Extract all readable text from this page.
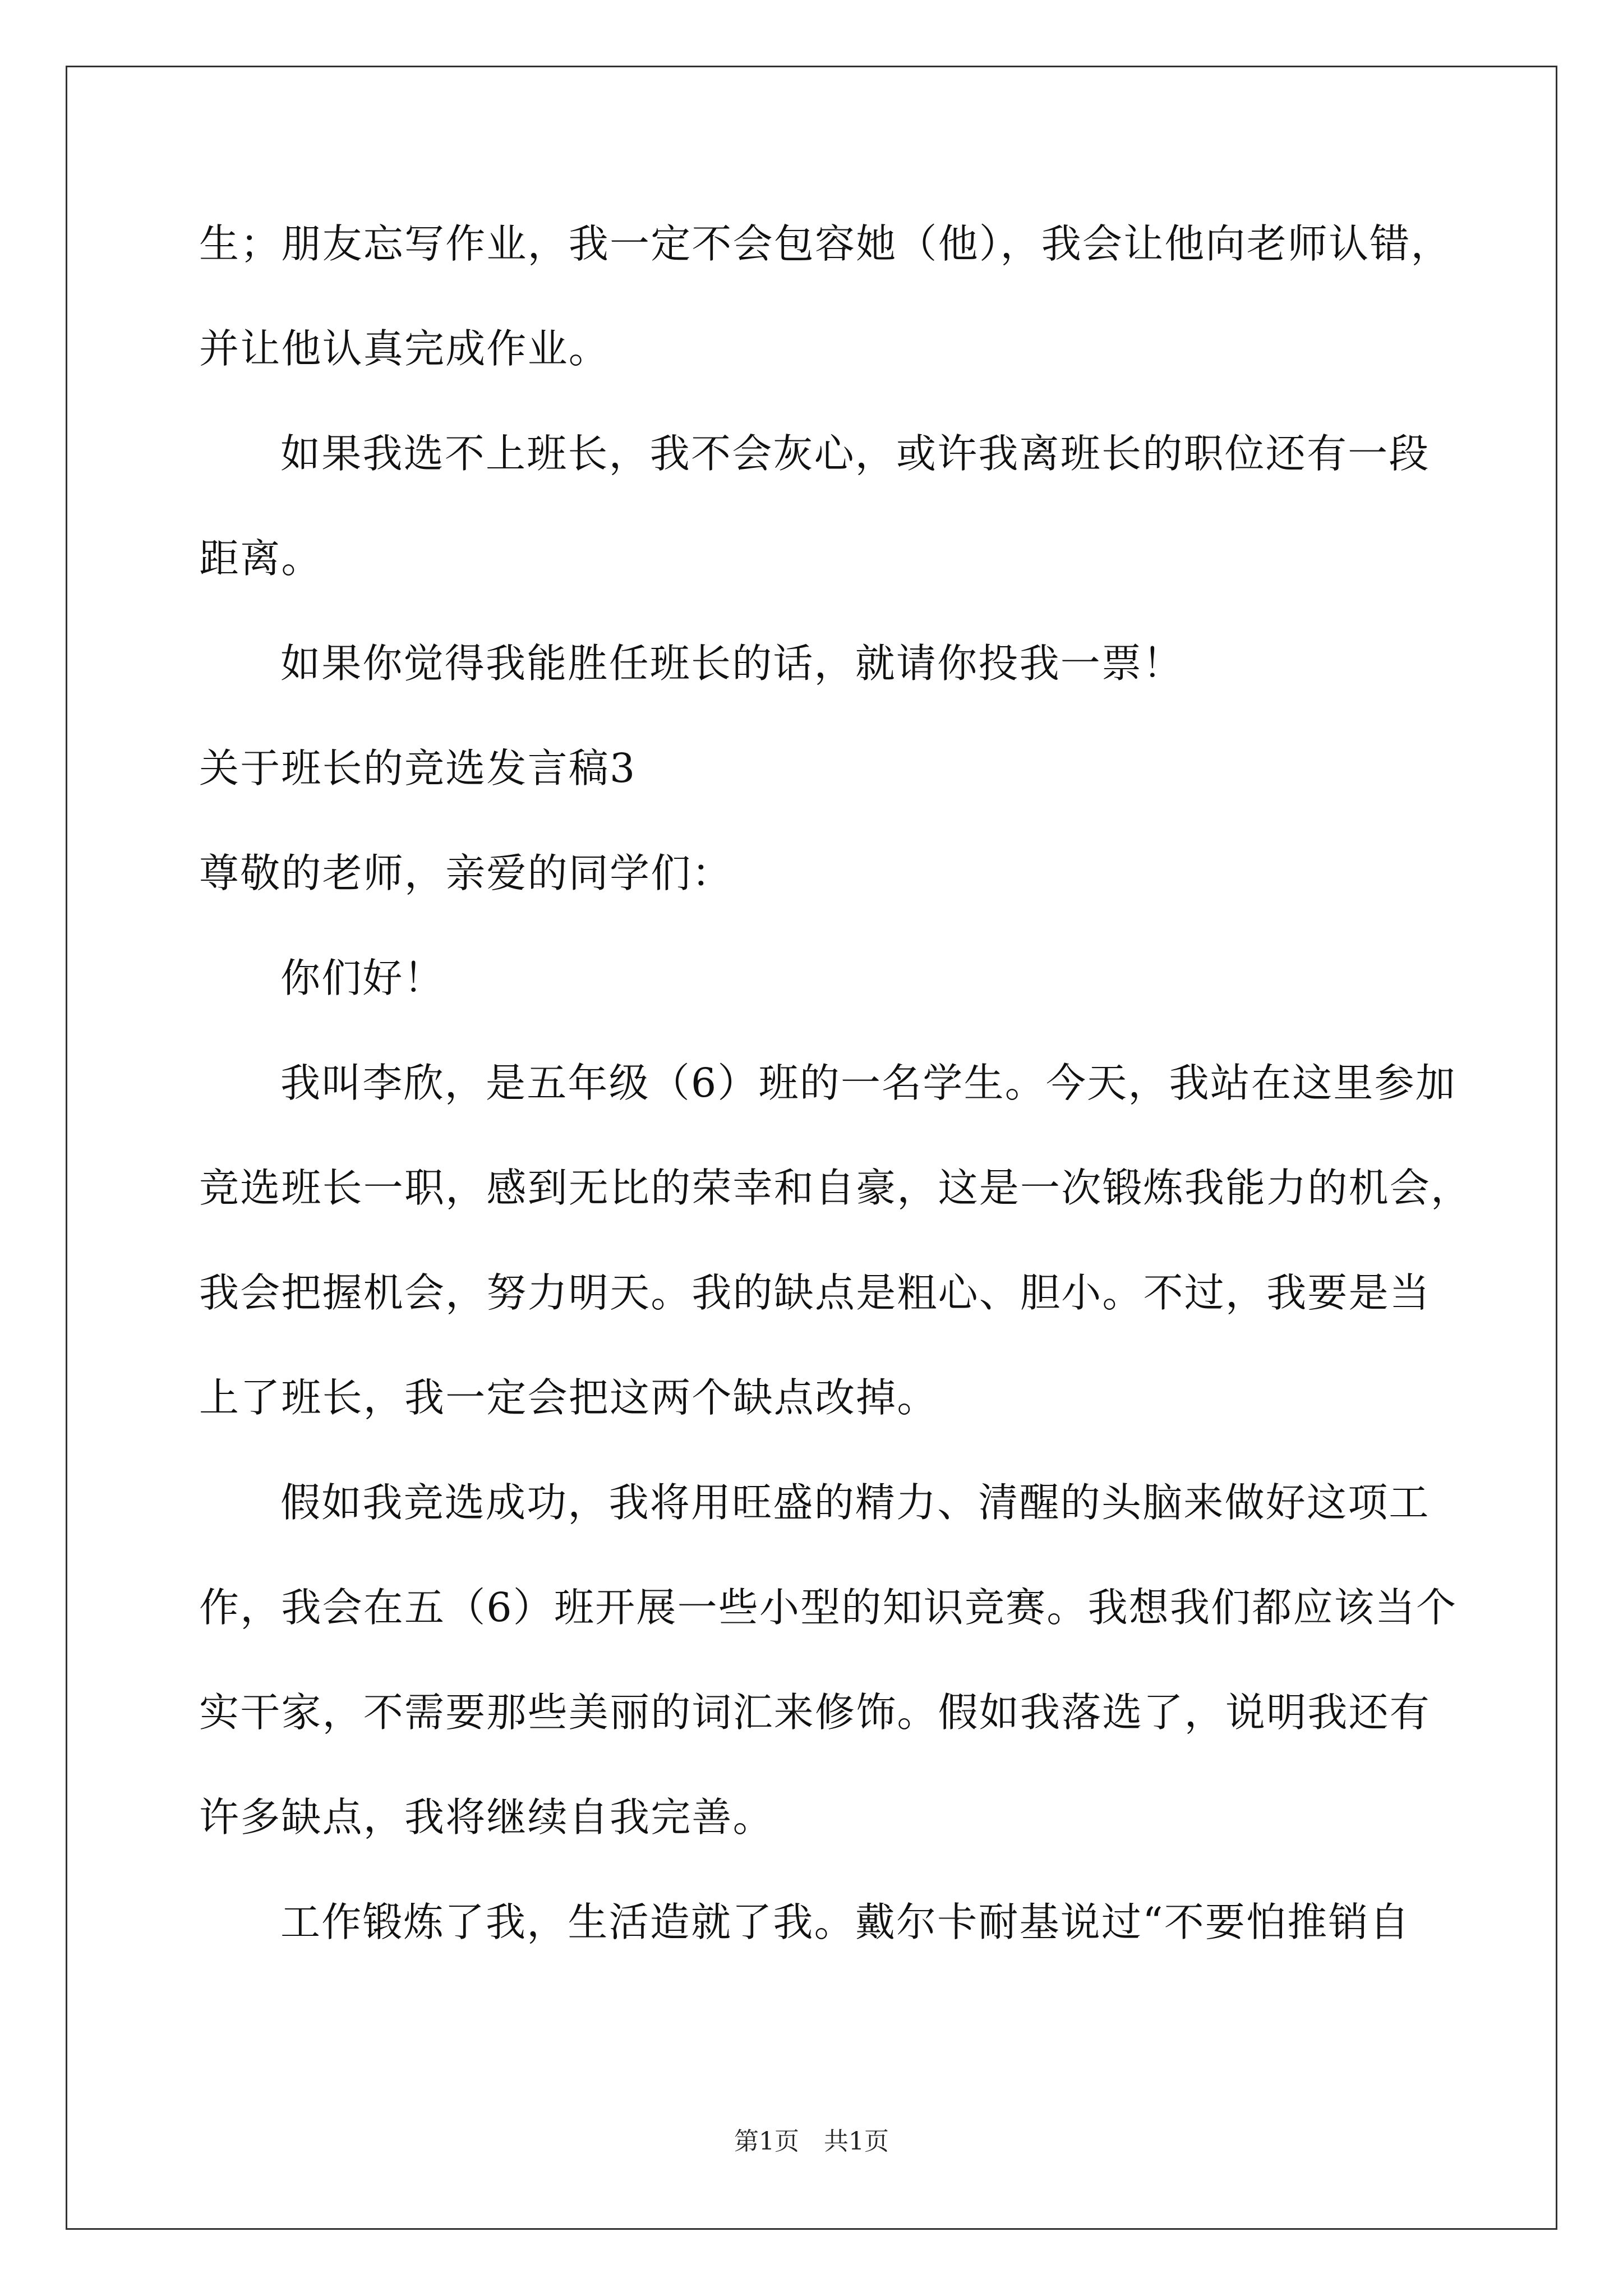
生；朋友忘写作业，我一定不会包容她（他），我会让他向老师认错，
并让他认真完成作业。
如果我选不上班长，我不会灰心，或许我离班长的职位还有一段
距离。
如果你觉得我能胜任班长的话，就请你投我一票！
关于班长的竞选发言稿3
尊敬的老师，亲爱的同学们：
你们好！
我叫李欣，是五年级（6）班的一名学生。今天，我站在这里参加
竞选班长一职，感到无比的荣幸和自豪，这是一次锻炼我能力的机会，
我会把握机会，努力明天。我的缺点是粗心、胆小。不过，我要是当
上了班长，我一定会把这两个缺点改掉。
假如我竞选成功，我将用旺盛的精力、清醒的头脑来做好这项工
作，我会在五（6）班开展一些小型的知识竞赛。我想我们都应该当个
实干家，不需要那些美丽的词汇来修饰。假如我落选了，说明我还有
许多缺点，我将继续自我完善。
工作锻炼了我，生活造就了我。戴尔卡耐基说过“不要怕推销自
第1页　共1页
